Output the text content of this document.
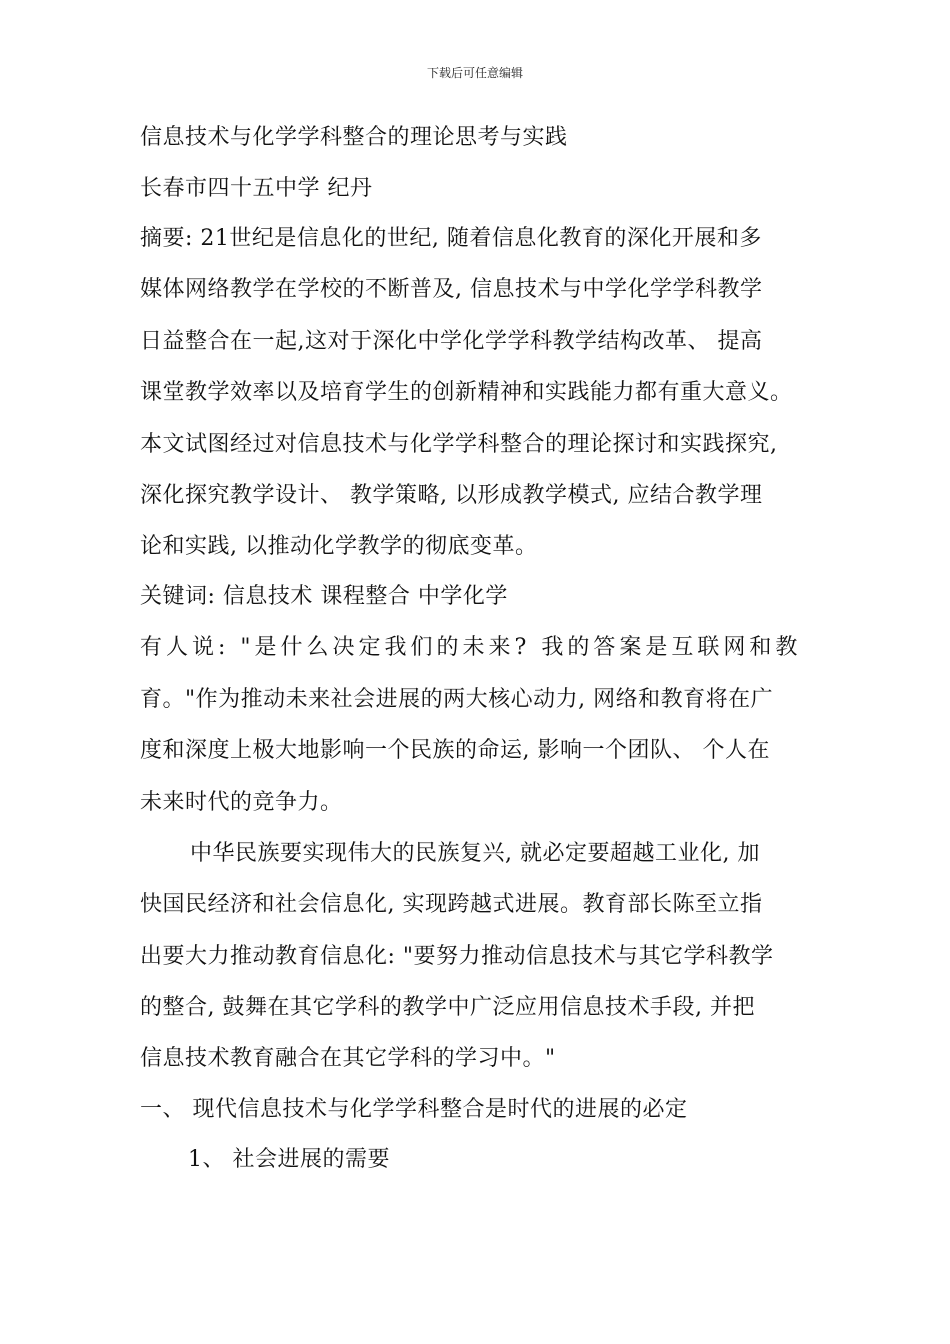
下载后可任意编辑
信息技术与化学学科整合的理论思考与实践
长春市四十五中学 纪丹
摘要: 21世纪是信息化的世纪, 随着信息化教育的深化开展和多
媒体网络教学在学校的不断普及, 信息技术与中学化学学科教学
日益整合在一起,这对于深化中学化学学科教学结构改革、 提高
课堂教学效率以及培育学生的创新精神和实践能力都有重大意义。
本文试图经过对信息技术与化学学科整合的理论探讨和实践探究,
深化探究教学设计、 教学策略, 以形成教学模式, 应结合教学理
论和实践, 以推动化学教学的彻底变革。
关键词: 信息技术 课程整合 中学化学
有人说: "是什么决定我们的未来? 我的答案是互联网和教
育。"作为推动未来社会进展的两大核心动力, 网络和教育将在广
度和深度上极大地影响一个民族的命运, 影响一个团队、 个人在
未来时代的竞争力。
中华民族要实现伟大的民族复兴, 就必定要超越工业化, 加
快国民经济和社会信息化, 实现跨越式进展。教育部长陈至立指
出要大力推动教育信息化: "要努力推动信息技术与其它学科教学
的整合, 鼓舞在其它学科的教学中广泛应用信息技术手段, 并把
信息技术教育融合在其它学科的学习中。"
一、 现代信息技术与化学学科整合是时代的进展的必定
1、 社会进展的需要
